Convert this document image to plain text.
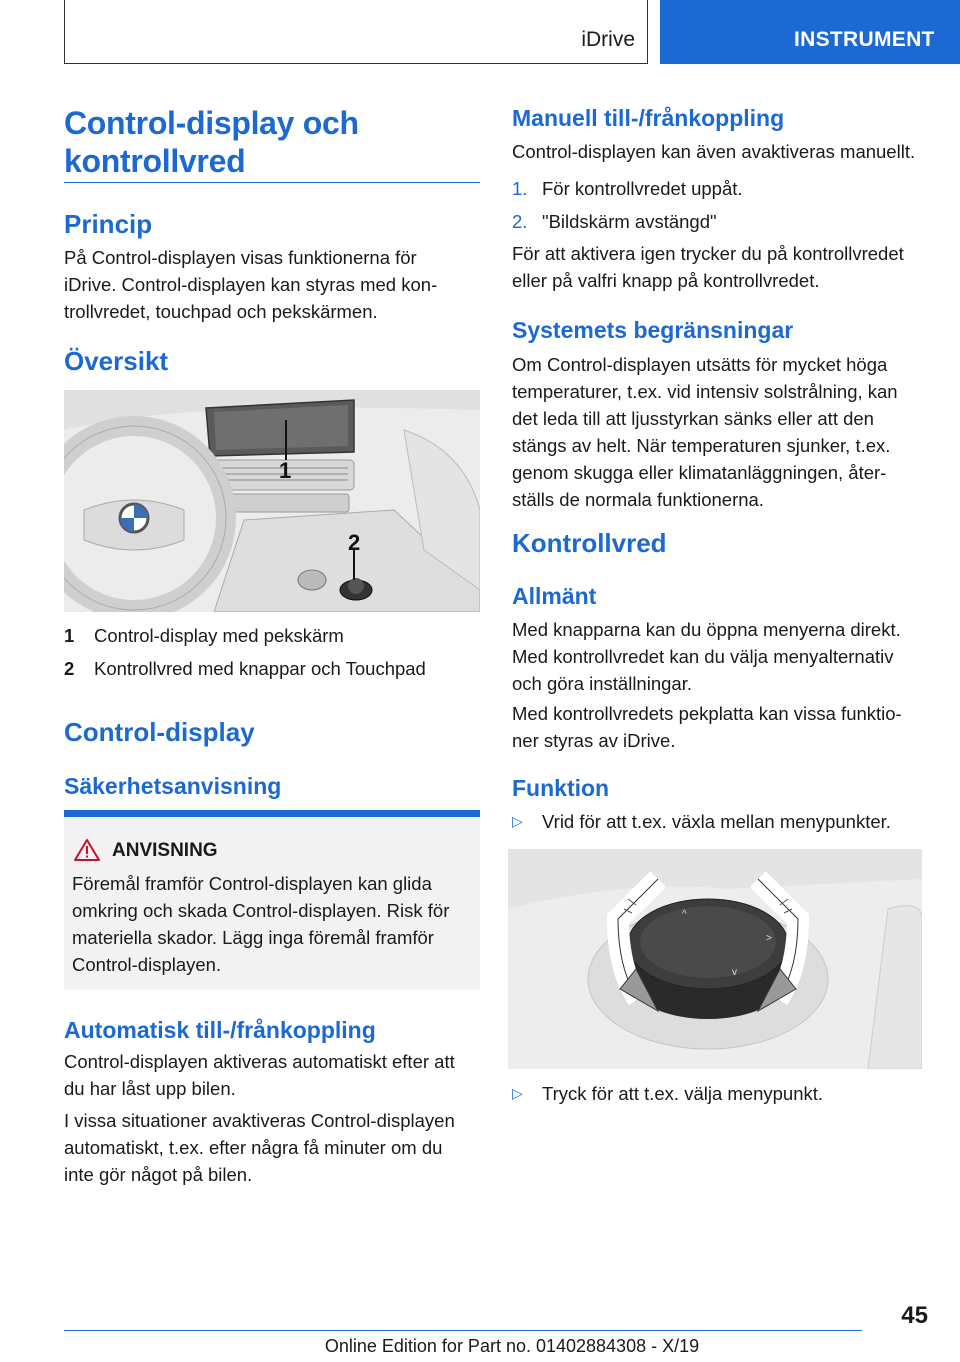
iDrive	INSTRUMENT
Control-display och
kontrollvred
Princip
På Control-displayen visas funktionerna för
iDrive. Control-displayen kan styras med kon-
trollvredet, touchpad och pekskärmen.
Översikt
1
2
1 Control-display med pekskärm
2 Kontrollvred med knappar och Touchpad
Control-display
Säkerhetsanvisning
ANVISNING
Föremål framför Control-displayen kan glida
omkring och skada Control-displayen. Risk för
materiella skador. Lägg inga föremål framför
Control-displayen.
Automatisk till-/frånkoppling
Control-displayen aktiveras automatiskt efter att
du har låst upp bilen.
I vissa situationer avaktiveras Control-displayen
automatiskt, t.ex. efter några få minuter om du
inte gör något på bilen.
Manuell till-/frånkoppling
Control-displayen kan även avaktiveras manuellt.
1. För kontrollvredet uppåt.
2. "Bildskärm avstängd"
För att aktivera igen trycker du på kontrollvredet
eller på valfri knapp på kontrollvredet.
Systemets begränsningar
Om Control-displayen utsätts för mycket höga
temperaturer, t.ex. vid intensiv solstrålning, kan
det leda till att ljusstyrkan sänks eller att den
stängs av helt. När temperaturen sjunker, t.ex.
genom skugga eller klimatanläggningen, åter-
ställs de normala funktionerna.
Kontrollvred
Allmänt
Med knapparna kan du öppna menyerna direkt.
Med kontrollvredet kan du välja menyalternativ
och göra inställningar.
Med kontrollvredets pekplatta kan vissa funktio-
ner styras av iDrive.
Funktion
▷ Vrid för att t.ex. växla mellan menypunkter.
^
>
v
▷ Tryck för att t.ex. välja menypunkt.
45
Online Edition for Part no. 01402884308 - X/19
